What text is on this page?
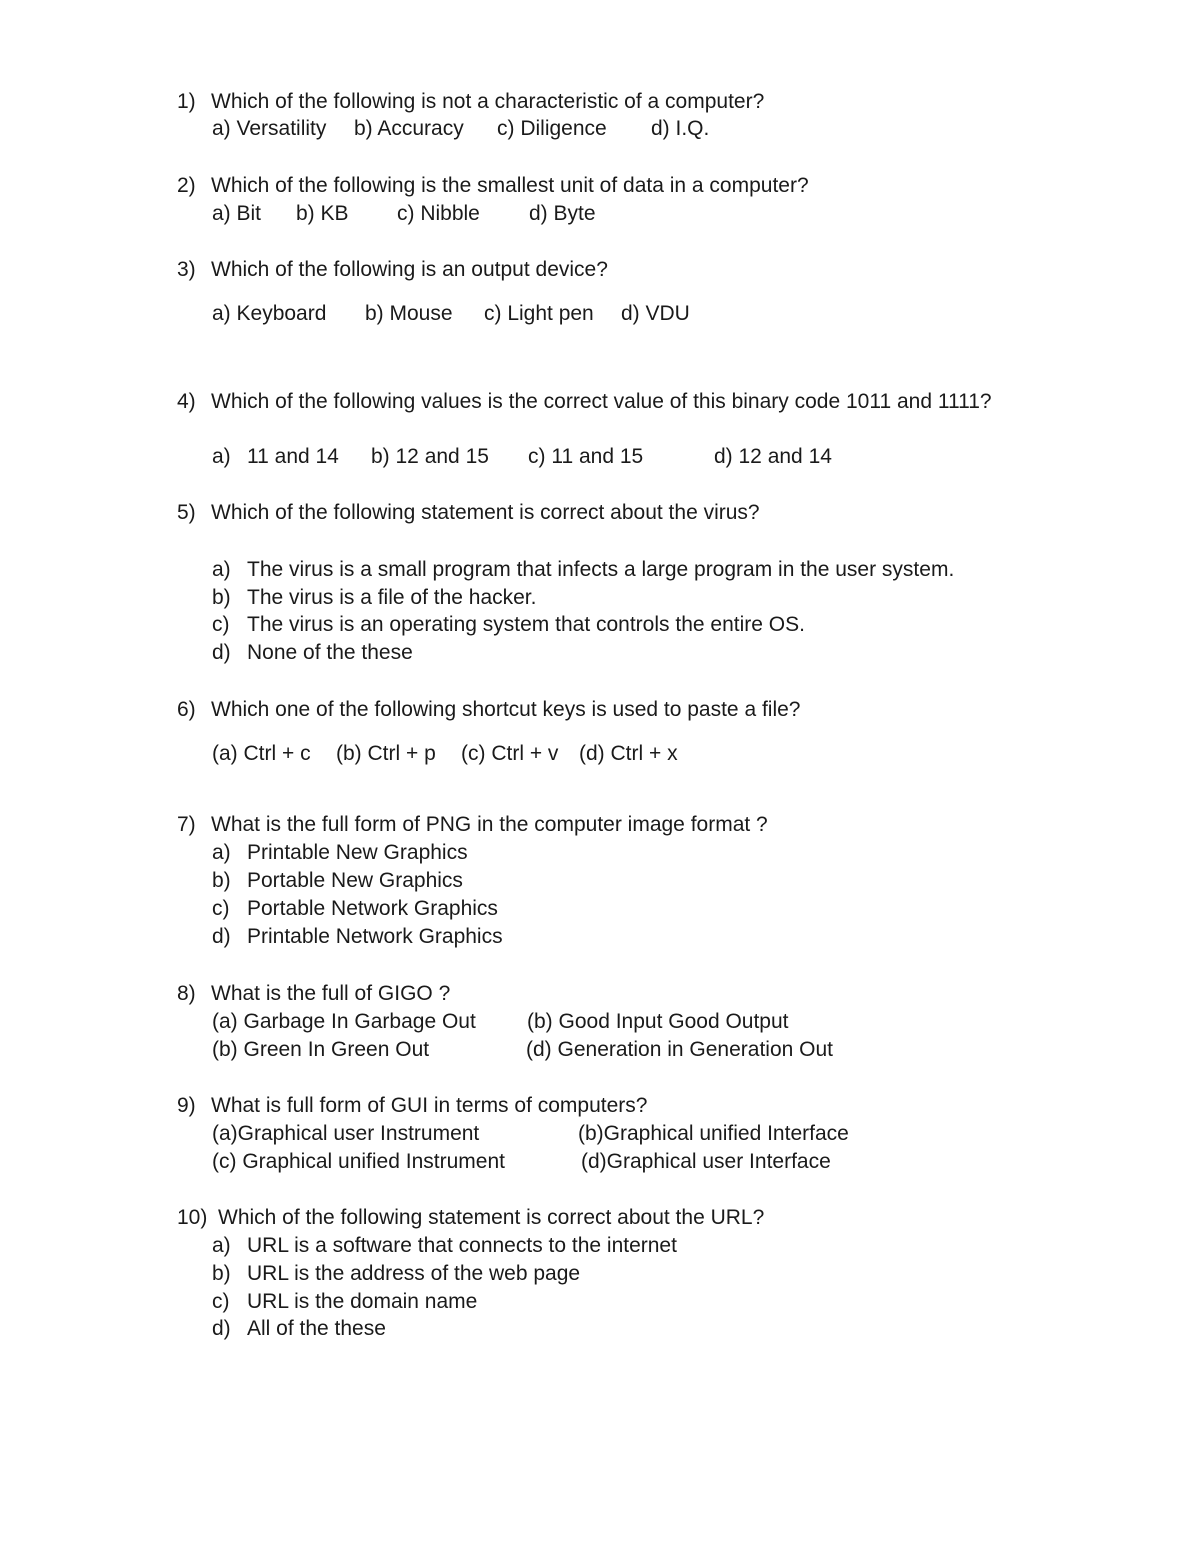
1) Which of the following is not a characteristic of a computer?
a) Versatility b) Accuracy c) Diligence d) I.Q.
2) Which of the following is the smallest unit of data in a computer?
a) Bit b) KB c) Nibble d) Byte
3) Which of the following is an output device?
a) Keyboard b) Mouse c) Light pen d) VDU
4) Which of the following values is the correct value of this binary code 1011 and 1111?
a) 11 and 14 b) 12 and 15 c) 11 and 15	d) 12 and 14
5) Which of the following statement is correct about the virus?
a) The virus is a small program that infects a large program in the user system.
b) The virus is a file of the hacker.
c) The virus is an operating system that controls the entire OS.
d) None of the these
6) Which one of the following shortcut keys is used to paste a file?
(a) Ctrl + c (b) Ctrl + p (c) Ctrl + v (d) Ctrl + x
7) What is the full form of PNG in the computer image format ?
a) Printable New Graphics
b) Portable New Graphics
c) Portable Network Graphics
d) Printable Network Graphics
8) What is the full of GIGO ?
(a) Garbage In Garbage Out (b) Good Input Good Output
(b) Green In Green Out	(d) Generation in Generation Out
9) What is full form of GUI in terms of computers?
(a)Graphical user Instrument	(b)Graphical unified Interface
(c) Graphical unified Instrument	(d)Graphical user Interface
10) Which of the following statement is correct about the URL?
a) URL is a software that connects to the internet
b) URL is the address of the web page
c) URL is the domain name
d) All of the these
